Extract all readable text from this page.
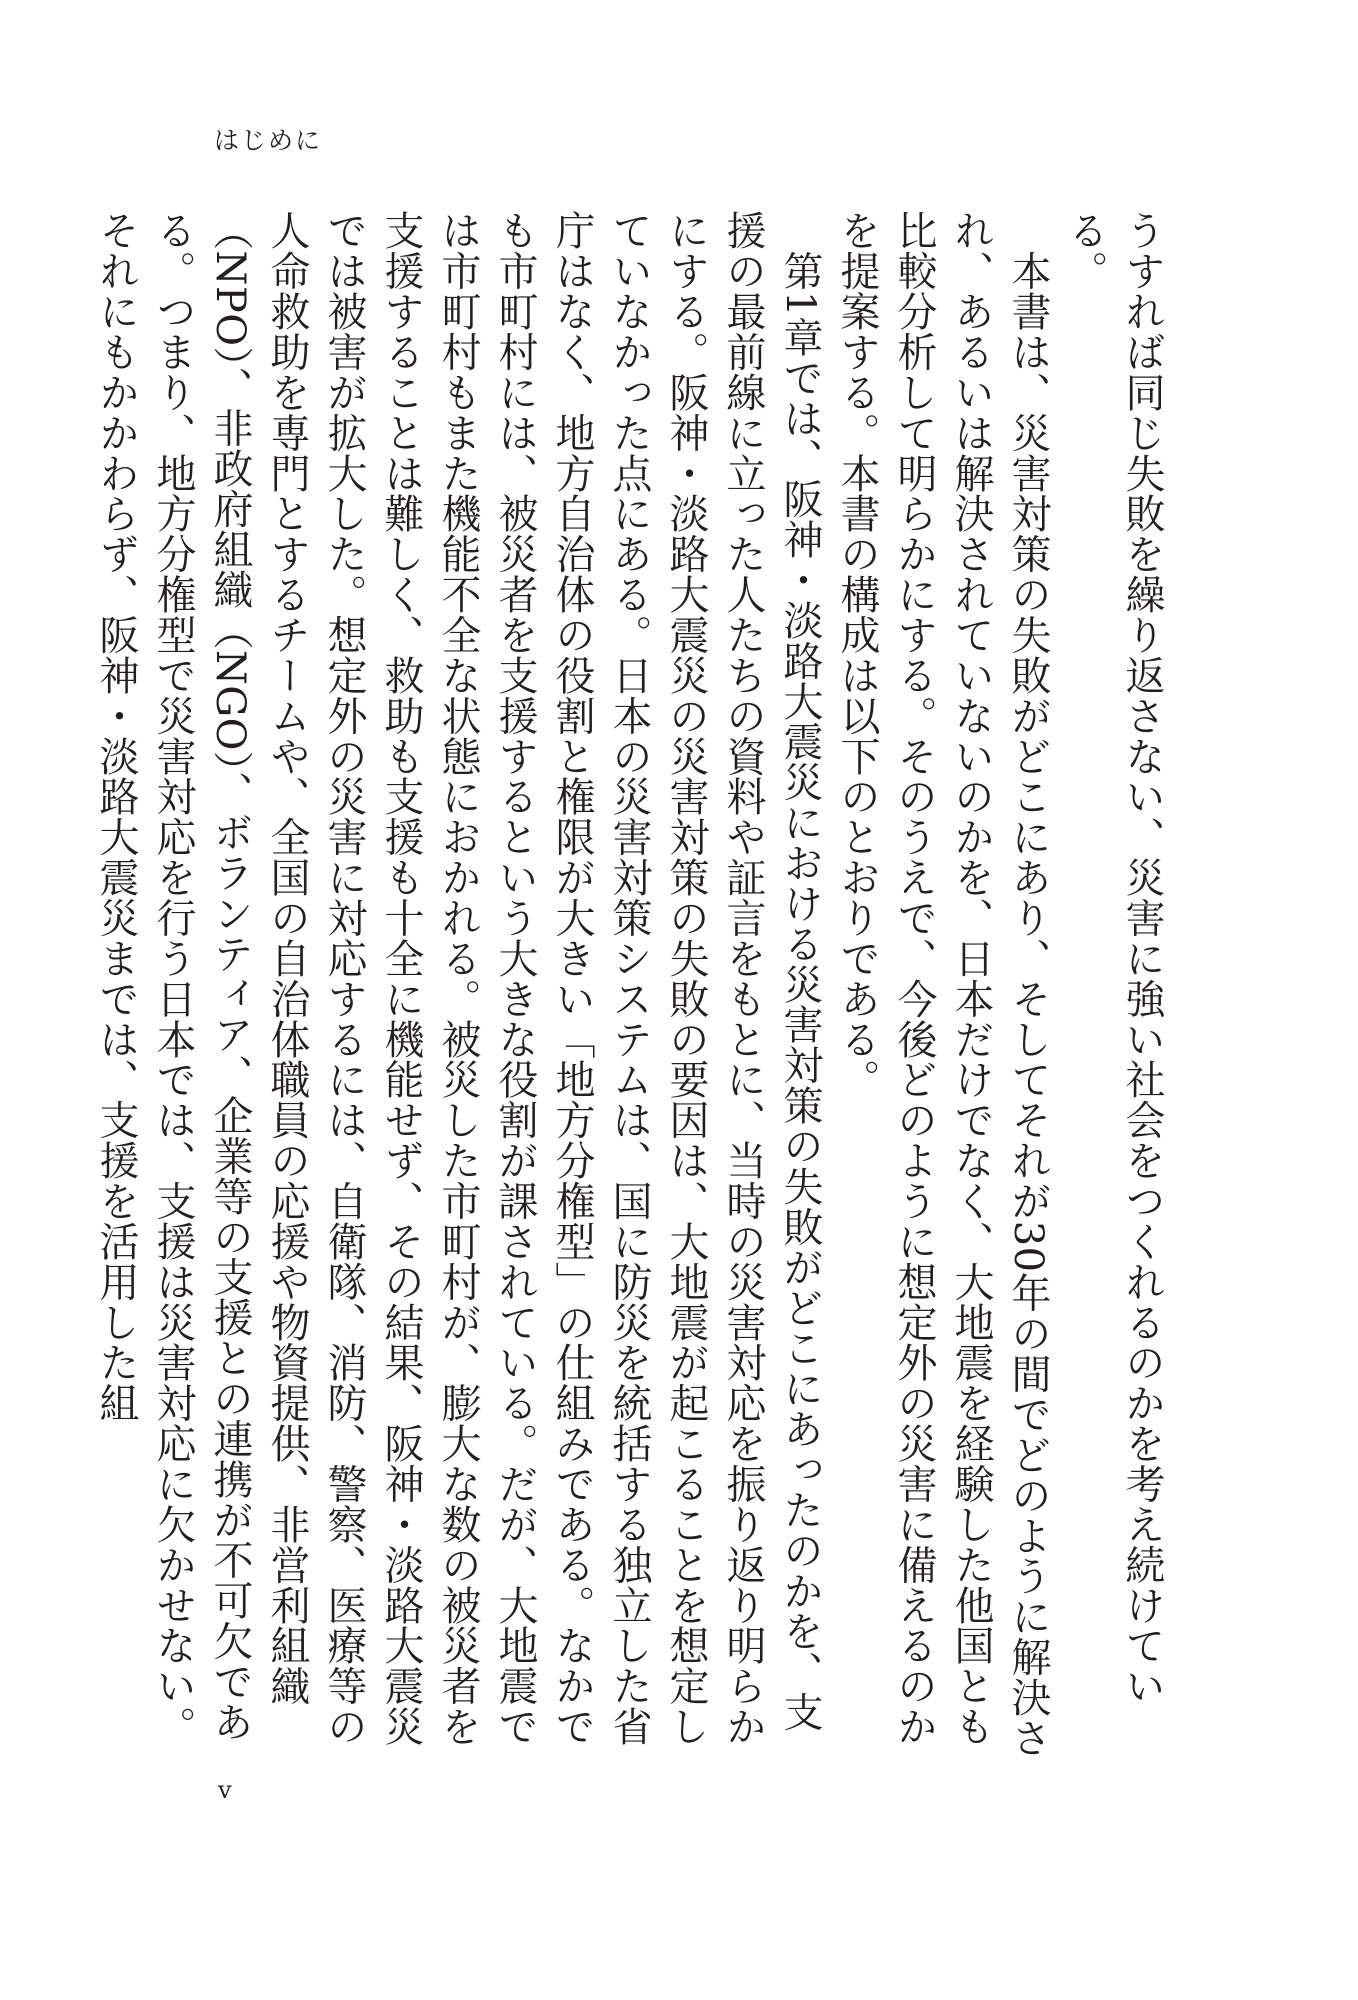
はじめに

うすれば同じ失敗を繰り返さない、災害に強い社会をつくれるのかを考え続けている。

　本書は、災害対策の失敗がどこにあり、そしてそれが30年の間でどのように解決され、あるいは解決されていないのかを、日本だけでなく、大地震を経験した他国とも比較分析して明らかにする。そのうえで、今後どのように想定外の災害に備えるのかを提案する。本書の構成は以下のとおりである。

　第1章では、阪神・淡路大震災における災害対策の失敗がどこにあったのかを、支援の最前線に立った人たちの資料や証言をもとに、当時の災害対応を振り返り明らかにする。阪神・淡路大震災の災害対策の失敗の要因は、大地震が起こることを想定していなかった点にある。日本の災害対策システムは、国に防災を統括する独立した省庁はなく、地方自治体の役割と権限が大きい「地方分権型」の仕組みである。なかでも市町村には、被災者を支援するという大きな役割が課されている。だが、大地震では市町村もまた機能不全な状態におかれる。被災した市町村が、膨大な数の被災者を支援することは難しく、救助も支援も十全に機能せず、その結果、阪神・淡路大震災では被害が拡大した。想定外の災害に対応するには、自衛隊、消防、警察、医療等の人命救助を専門とするチームや、全国の自治体職員の応援や物資提供、非営利組織（NPO）、非政府組織（NGO）、ボランティア、企業等の支援との連携が不可欠である。つまり、地方分権型で災害対応を行う日本では、支援は災害対応に欠かせない。それにもかかわらず、阪神・淡路大震災までは、支援を活用した組

v
